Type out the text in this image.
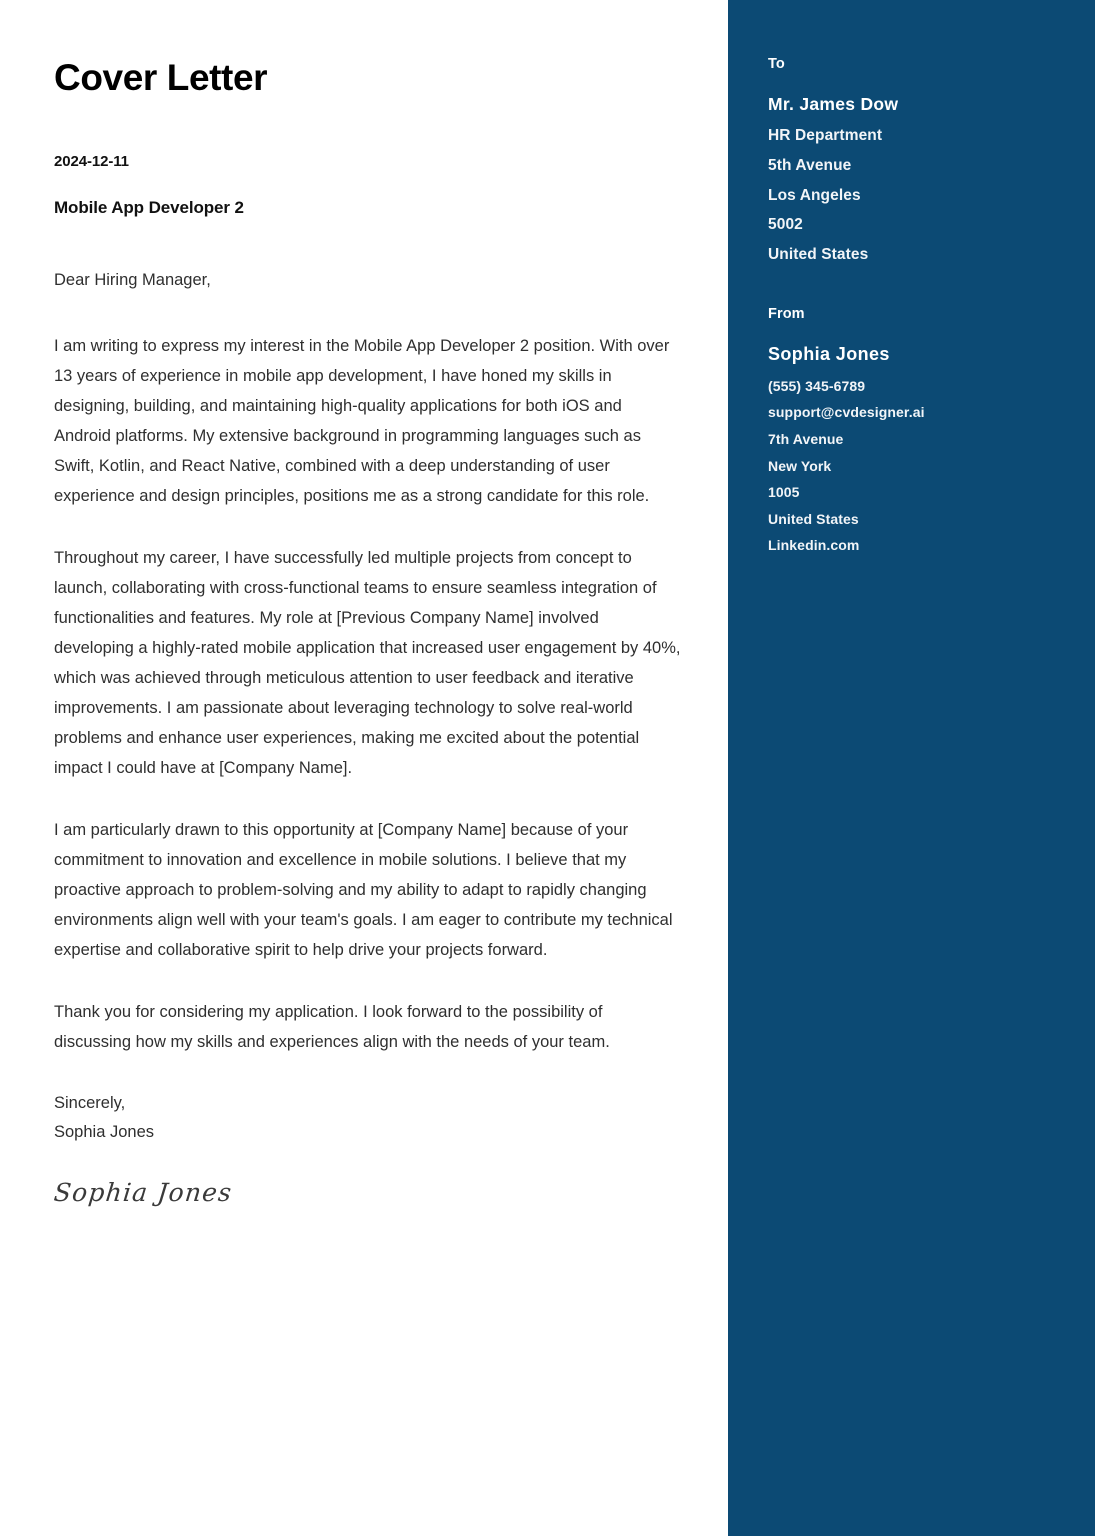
Cover Letter
2024-12-11
Mobile App Developer 2
Dear Hiring Manager,

I am writing to express my interest in the Mobile App Developer 2 position. With over 13 years of experience in mobile app development, I have honed my skills in designing, building, and maintaining high-quality applications for both iOS and Android platforms. My extensive background in programming languages such as Swift, Kotlin, and React Native, combined with a deep understanding of user experience and design principles, positions me as a strong candidate for this role.

Throughout my career, I have successfully led multiple projects from concept to launch, collaborating with cross-functional teams to ensure seamless integration of functionalities and features. My role at [Previous Company Name] involved developing a highly-rated mobile application that increased user engagement by 40%, which was achieved through meticulous attention to user feedback and iterative improvements. I am passionate about leveraging technology to solve real-world problems and enhance user experiences, making me excited about the potential impact I could have at [Company Name].

I am particularly drawn to this opportunity at [Company Name] because of your commitment to innovation and excellence in mobile solutions. I believe that my proactive approach to problem-solving and my ability to adapt to rapidly changing environments align well with your team's goals. I am eager to contribute my technical expertise and collaborative spirit to help drive your projects forward.

Thank you for considering my application. I look forward to the possibility of discussing how my skills and experiences align with the needs of your team.

Sincerely,
Sophia Jones
Sophia Jones
To
Mr. James Dow
HR Department
5th Avenue
Los Angeles
5002
United States
From
Sophia Jones
(555) 345-6789
support@cvdesigner.ai
7th Avenue
New York
1005
United States
Linkedin.com
